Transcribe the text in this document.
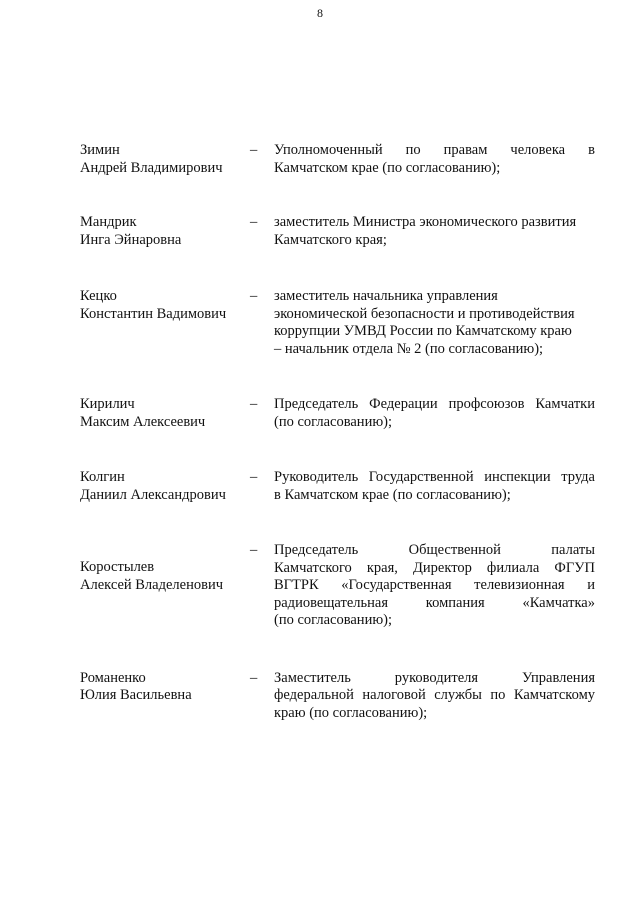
8
Зимин
Андрей Владимирович
–	Уполномоченный по правам человека в
Камчатском крае (по согласованию);
Мандрик
Инга Эйнаровна
–	заместитель Министра экономического развития
Камчатского края;
Кецко
Константин Вадимович
–	заместитель начальника управления
экономической безопасности и противодействия
коррупции УМВД России по Камчатскому краю
– начальник отдела № 2 (по согласованию);
Кирилич
Максим Алексеевич
–	Председатель Федерации профсоюзов Камчатки
(по согласованию);
Колгин
Даниил Александрович
–	Руководитель Государственной инспекции труда
в Камчатском крае (по согласованию);
Коростылев
Алексей Владеленович
–	Председатель Общественной палаты
Камчатского края, Директор филиала ФГУП
ВГТРК «Государственная телевизионная и
радиовещательная компания «Камчатка»
(по согласованию);
Романенко
Юлия Васильевна
–	Заместитель руководителя Управления
федеральной налоговой службы по Камчатскому
краю (по согласованию);
